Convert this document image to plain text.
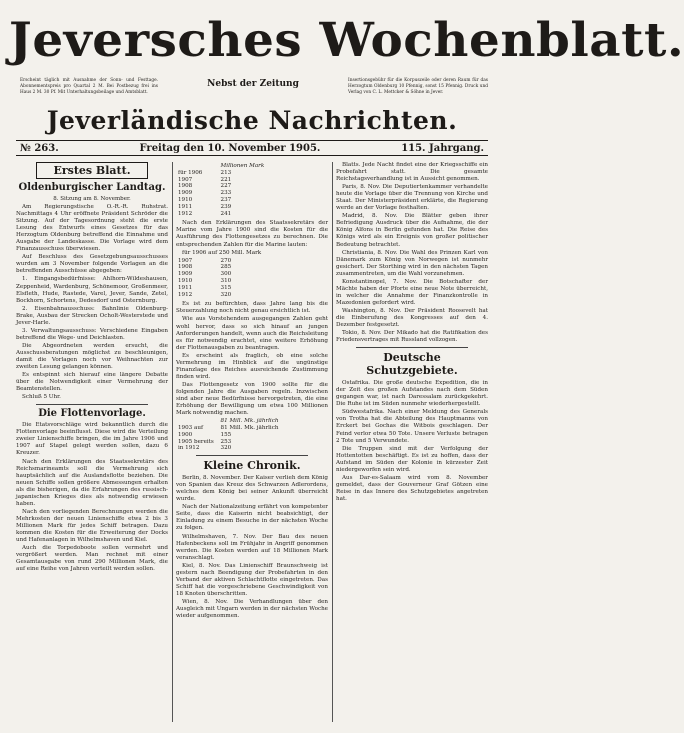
Jeversches Wochenblatt.
Erscheint täglich mit Ausnahme der Sonn- und Festtage. Abonnementspreis pro Quartal 2 M. Bei Postbezug frei ins Haus 2 M. 30 Pf. Mit Unterhaltungsbeilage und Amtsblatt.
Nebst der Zeitung	Insertionsgebühr für die Korpuszeile oder deren Raum für das Herzogtum Oldenburg 10 Pfennig, sonst 15 Pfennig. Druck und Verlag von C. L. Mettcker & Söhne in Jever.
Jeverländische Nachrichten.
№ 263.	Freitag den 10. November 1905.	115. Jahrgang.
Erstes Blatt.
Oldenburgischer Landtag.
8. Sitzung am 8. November.

Am Regierungstische O.-R.-R. Ruhstrat. Nachmittags 4 Uhr eröffnete Präsident Schröder die Sitzung. Auf der Tagesordnung steht die erste Lesung des Entwurfs eines Gesetzes für das Herzogtum Oldenburg betreffend die Einnahme und Ausgabe der Landeskasse. Die Vorlage wird dem Finanzausschuss überwiesen.

Auf Beschluss des Gesetzgebungsausschusses wurden am 3 November folgende Vorlagen an die betreffenden Ausschüsse abgegeben:

1. Eingangsbedürfnisse: Ahlhorn-Wildeshausen, Zeppenheid, Wardenburg, Schönemoor, Großenmeer, Elsfleth, Hude, Rastede, Varel, Jever, Sande, Zetel, Bockhorn, Schortens, Dedesdorf und Osternburg.

2. Eisenbahnausschuss: Bahnlinie Oldenburg-Brake, Ausbau der Strecken Ocholt-Westerstede und Jever-Harle.

3. Verwaltungsausschuss: Verschiedene Eingaben betreffend die Wege- und Deichlasten.

Die Abgeordneten werden ersucht, die Ausschussberatungen möglichst zu beschleunigen, damit die Vorlagen noch vor Weihnachten zur zweiten Lesung gelangen können.

Es entspinnt sich hierauf eine längere Debatte über die Notwendigkeit einer Vermehrung der Beamtenstellen.

Schluß 5 Uhr.

Die Flottenvorlage.

Die Etatsvorschläge wird bekanntlich durch die Flottenvorlage beeinflusst. Diese wird die Verteilung zweier Linienschiffe bringen, die im Jahre 1906 und 1907 auf Stapel gelegt werden sollen, dazu 6 Kreuzer.

Nach den Erklärungen des Staatssekretärs des Reichsmarineamts soll die Vermehrung sich hauptsächlich auf die Auslandsflotte beziehen. Die neuen Schiffe sollen größere Abmessungen erhalten als die bisherigen, da die Erfahrungen des russisch-japanischen Krieges dies als notwendig erwiesen haben.

Nach den vorliegenden Berechnungen werden die Mehrkosten der neuen Linienschiffe etwa 2 bis 3 Millionen Mark für jedes Schiff betragen. Dazu kommen die Kosten für die Erweiterung der Docks und Hafenanlagen in Wilhelmshaven und Kiel.

Auch die Torpedoboote sollen vermehrt und vergrößert werden. Man rechnet mit einer Gesamtausgabe von rund 290 Millionen Mark, die auf eine Reihe von Jahren verteilt werden sollen.

	Millionen Mark
für 1906	213
1907	221
1908	227
1909	233
1910	237
1911	239
1912	241

Nach den Erklärungen des Staatssekretärs der Marine vom Jahre 1900 sind die Kosten für die Ausführung des Flottengesetzes zu berechnen. Die entsprechenden Zahlen für die Marine lauten:

für 1906 auf 250 Mill. Mark

1907	270
1908	285
1909	300
1910	310
1911	315
1912	320

Es ist zu befürchten, dass Jahre lang bis die Steuerzahlung noch nicht genau ersichtlich ist.

Wie aus Vorstehendem ausgegangen Zahlen geht wohl hervor, dass so sich hinauf an jungen Anforderungen handelt, wenn auch die Reichsleitung es für notwendig erachtet, eine weitere Erhöhung der Flottenausgaben zu beantragen.

Es erscheint als fraglich, ob eine solche Vermehrung im Hinblick auf die ungünstige Finanzlage des Reiches ausreichende Zustimmung finden wird.

Das Flottengesetz von 1900 sollte für die folgenden Jahre die Ausgaben regeln. Inzwischen sind aber neue Bedürfnisse hervorgetreten, die eine Erhöhung der Bewilligung um etwa 100 Millionen Mark notwendig machen.

	81 Mill. Mk. jährlich
1903 auf	81 Mill. Mk. jährlich
1900	155
1905 bereits	253
in 1912	320
Kleine Chronik.

Berlin, 8. November. Der Kaiser verlieh dem König von Spanien das Kreuz des Schwarzen Adlerordens, welches dem König bei seiner Ankunft überreicht wurde.

Nach der Nationalzeitung erfährt von kompetenter Seite, dass die Kaiserin nicht beabsichtigt, der Einladung zu einem Besuche in der nächsten Woche zu folgen.

Wilhelmshaven, 7. Nov. Der Bau des neuen Hafenbeckens soll im Frühjahr in Angriff genommen werden. Die Kosten werden auf 18 Millionen Mark veranschlagt.

Kiel, 8. Nov. Das Linienschiff Braunschweig ist gestern nach Beendigung der Probefahrten in den Verband der aktiven Schlachtflotte eingetreten. Das Schiff hat die vorgeschriebene Geschwindigkeit von 18 Knoten überschritten.

Wien, 8. Nov. Die Verhandlungen über den Ausgleich mit Ungarn werden in der nächsten Woche wieder aufgenommen.

Blatts. Jede Nacht findet eine der Kriegsschiffe ein Probefahrt statt. Die gesamte Reichstagsverhandlung ist in Aussicht genommen.

Paris, 8. Nov. Die Deputiertenkammer verhandelte heute die Vorlage über die Trennung von Kirche und Staat. Der Ministerpräsident erklärte, die Regierung werde an der Vorlage festhalten.

Madrid, 8. Nov. Die Blätter geben ihrer Befriedigung Ausdruck über die Aufnahme, die der König Alfons in Berlin gefunden hat. Die Reise des Königs wird als ein Ereignis von großer politischer Bedeutung betrachtet.

Christiania, 8. Nov. Die Wahl des Prinzen Karl von Dänemark zum König von Norwegen ist nunmehr gesichert. Der Storthing wird in den nächsten Tagen zusammentreten, um die Wahl vorzunehmen.

Konstantinopel, 7. Nov. Die Botschafter der Mächte haben der Pforte eine neue Note überreicht, in welcher die Annahme der Finanzkontrolle in Mazedonien gefordert wird.

Washington, 8. Nov. Der Präsident Roosevelt hat die Einberufung des Kongresses auf den 4. Dezember festgesetzt.

Tokio, 8. Nov. Der Mikado hat die Ratifikation des Friedensvertrages mit Russland vollzogen.

Deutsche Schutzgebiete.

Ostafrika. Die große deutsche Expedition, die in der Zeit des großen Aufstandes nach dem Süden gegangen war, ist nach Daressalam zurückgekehrt. Die Ruhe ist im Süden nunmehr wiederhergestellt.

Südwestafrika. Nach einer Meldung des Generals von Trotha hat die Abteilung des Hauptmanns von Erckert bei Gochas die Witbois geschlagen. Der Feind verlor etwa 50 Tote. Unsere Verluste betragen 2 Tote und 5 Verwundete.

Die Truppen sind mit der Verfolgung der Hottentotten beschäftigt. Es ist zu hoffen, dass der Aufstand im Süden der Kolonie in kürzester Zeit niedergeworfen sein wird.

Aus Dar-es-Salaam wird vom 8. November gemeldet, dass der Gouverneur Graf Götzen eine Reise in das Innere des Schutzgebietes angetreten hat.
